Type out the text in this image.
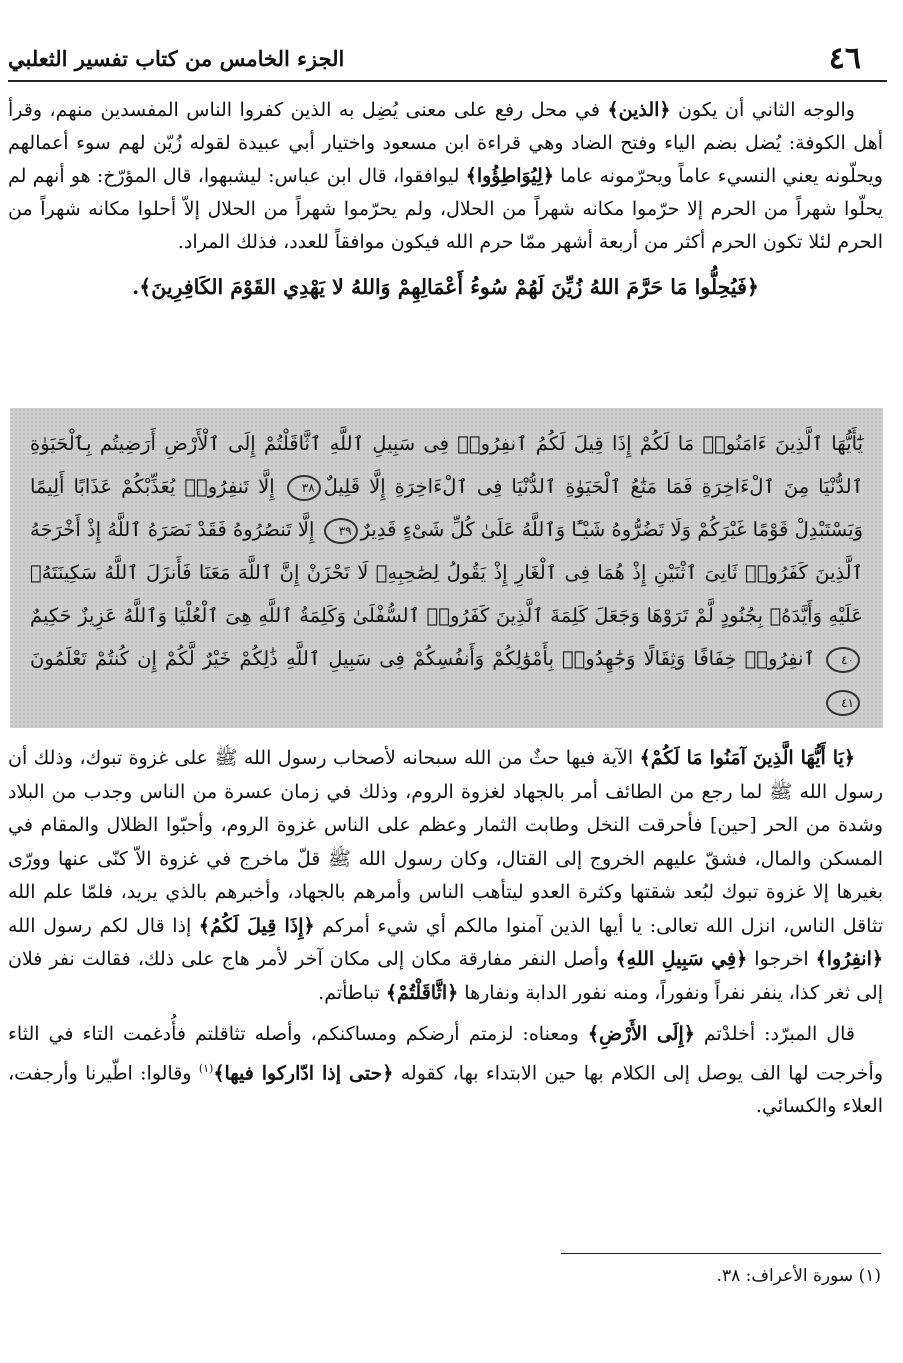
٤٦
الجزء الخامس من كتاب تفسير الثعلبي

والوجه الثاني أن يكون ﴿الذين﴾ في محل رفع على معنى يُضِل به الذين كفروا الناس المفسدين منهم، وقرأ أهل الكوفة: يُضل بضم الياء وفتح الضاد وهي قراءة ابن مسعود واختيار أبي عبيدة لقوله زُيّن لهم سوء أعمالهم ويحلّونه يعني النسيء عاماً ويحرّمونه عاما ﴿لِيُوَاطِؤُوا﴾ ليوافقوا، قال ابن عباس: ليشبهوا، قال المؤرّخ: هو أنهم لم يحلّوا شهراً من الحرم إلا حرّموا مكانه شهراً من الحلال، ولم يحرّموا شهراً من الحلال إلاّ أحلوا مكانه شهراً من الحرم لئلا تكون الحرم أكثر من أربعة أشهر ممّا حرم الله فيكون موافقاً للعدد، فذلك المراد.

﴿فَيُحِلُّوا مَا حَرَّمَ اللهُ زُيِّنَ لَهُمْ سُوءُ أَعْمَالِهِمْ وَاللهُ لا يَهْدِي القَوْمَ الكَافِرِينَ﴾.

يَٰٓأَيُّهَا ٱلَّذِينَ ءَامَنُوا۟ مَا لَكُمْ إِذَا قِيلَ لَكُمُ ٱنفِرُوا۟ فِى سَبِيلِ ٱللَّهِ ٱثَّاقَلْتُمْ إِلَى ٱلْأَرْضِ أَرَضِيتُم بِٱلْحَيَوٰةِ ٱلدُّنْيَا مِنَ ٱلْءَاخِرَةِ فَمَا مَتَٰعُ ٱلْحَيَوٰةِ ٱلدُّنْيَا فِى ٱلْءَاخِرَةِ إِلَّا قَلِيلٌ٣٨ إِلَّا تَنفِرُوا۟ يُعَذِّبْكُمْ عَذَابًا أَلِيمًا وَيَسْتَبْدِلْ قَوْمًا غَيْرَكُمْ وَلَا تَضُرُّوهُ شَيْـًٔا وَٱللَّهُ عَلَىٰ كُلِّ شَىْءٍ قَدِيرٌ٣٩ إِلَّا تَنصُرُوهُ فَقَدْ نَصَرَهُ ٱللَّهُ إِذْ أَخْرَجَهُ ٱلَّذِينَ كَفَرُوا۟ ثَانِىَ ٱثْنَيْنِ إِذْ هُمَا فِى ٱلْغَارِ إِذْ يَقُولُ لِصَٰحِبِهِۦ لَا تَحْزَنْ إِنَّ ٱللَّهَ مَعَنَا فَأَنزَلَ ٱللَّهُ سَكِينَتَهُۥ عَلَيْهِ وَأَيَّدَهُۥ بِجُنُودٍ لَّمْ تَرَوْهَا وَجَعَلَ كَلِمَةَ ٱلَّذِينَ كَفَرُوا۟ ٱلسُّفْلَىٰ وَكَلِمَةُ ٱللَّهِ هِىَ ٱلْعُلْيَا وَٱللَّهُ عَزِيزٌ حَكِيمٌ٤٠ ٱنفِرُوا۟ خِفَافًا وَثِقَالًا وَجَٰهِدُوا۟ بِأَمْوَٰلِكُمْ وَأَنفُسِكُمْ فِى سَبِيلِ ٱللَّهِ ذَٰلِكُمْ خَيْرٌ لَّكُمْ إِن كُنتُمْ تَعْلَمُونَ٤١

﴿يَا أَيُّهَا الَّذِينَ آمَنُوا مَا لَكُمْ﴾ الآية فيها حثٌ من الله سبحانه لأصحاب رسول الله ﷺ على غزوة تبوك، وذلك أن رسول الله ﷺ لما رجع من الطائف أمر بالجهاد لغزوة الروم، وذلك في زمان عسرة من الناس وجدب من البلاد وشدة من الحر [حين] فأحرقت النخل وطابت الثمار وعظم على الناس غزوة الروم، وأحبّوا الظلال والمقام في المسكن والمال، فشقّ عليهم الخروج إلى القتال، وكان رسول الله ﷺ قلّ ماخرج في غزوة الاّ كنّى عنها وورّى بغيرها إلا غزوة تبوك لبُعد شقتها وكثرة العدو ليتأهب الناس وأمرهم بالجهاد، وأخبرهم بالذي يريد، فلمّا علم الله تثاقل الناس، انزل الله تعالى: يا أيها الذين آمنوا مالكم أي شيء أمركم ﴿إِذَا قِيلَ لَكُمُ﴾ إذا قال لكم رسول الله ﴿انفِرُوا﴾ اخرجوا ﴿فِي سَبِيلِ اللهِ﴾ وأصل النفر مفارقة مكان إلى مكان آخر لأمر هاج على ذلك، فقالت نفر فلان إلى ثغر كذا، ينفر نفراً ونفوراً، ومنه نفور الدابة ونفارها ﴿اثَّاقَلْتُمْ﴾ تباطأتم.

قال المبرّد: أخلدْتم ﴿إِلَى الأَرْضِ﴾ ومعناه: لزمتم أرضكم ومساكنكم، وأصله تثاقلتم فأُدغمت التاء في الثاء وأخرجت لها الف يوصل إلى الكلام بها حين الابتداء بها، كقوله ﴿حتى إذا ادّاركوا فيها﴾$^{(١)}$ وقالوا: اطّيرنا وأرجفت، العلاء والكسائي.

(١) سورة الأعراف: ٣٨.
